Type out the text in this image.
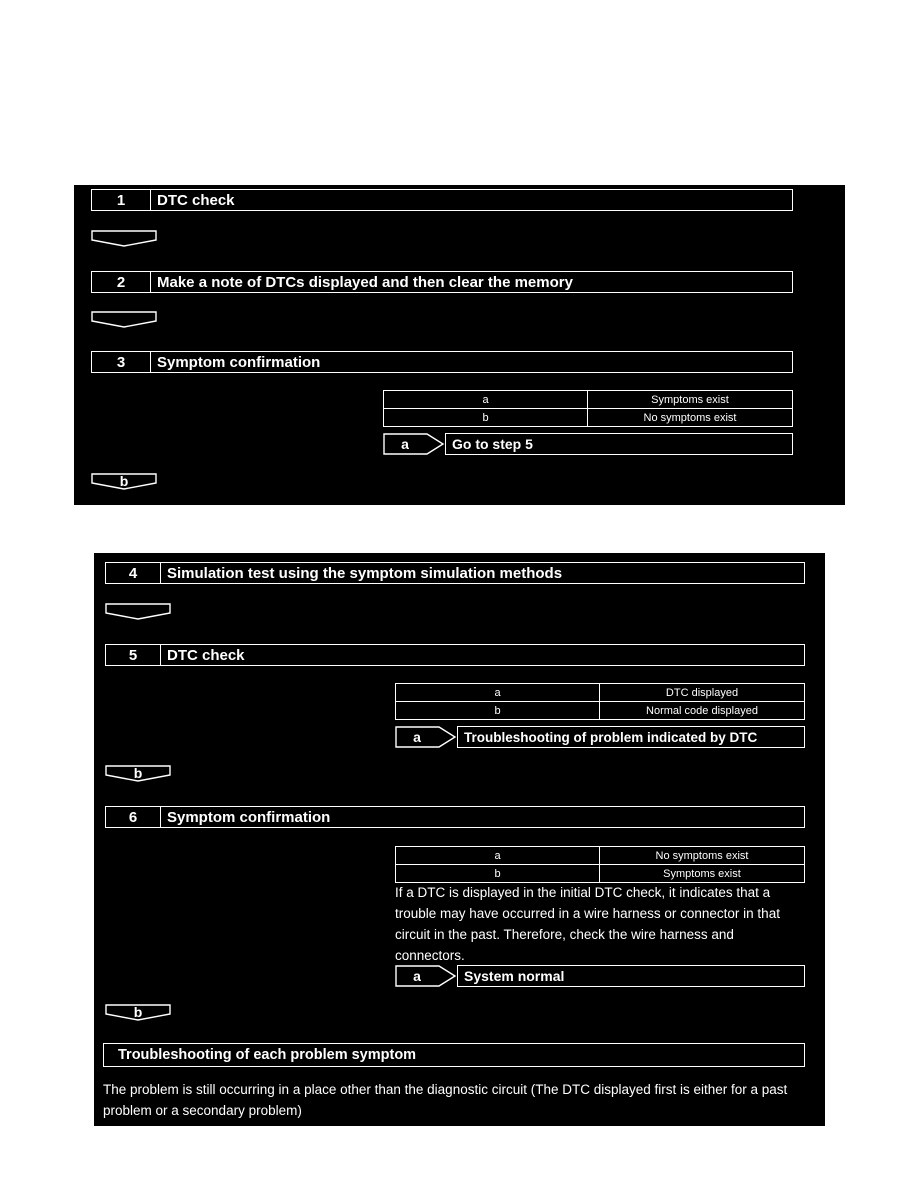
1	DTC check
2	Make a note of DTCs displayed and then clear the memory
3	Symptom confirmation
a	Symptoms exist
b	No symptoms exist
a	Go to step 5
b
4	Simulation test using the symptom simulation methods
5	DTC check
a	DTC displayed
b	Normal code displayed
a	Troubleshooting of problem indicated by DTC
b
6	Symptom confirmation
a	No symptoms exist
b	Symptoms exist
If a DTC is displayed in the initial DTC check, it indicates that a trouble may have occurred in a wire harness or connector in that circuit in the past. Therefore, check the wire harness and connectors.
a	System normal
b
Troubleshooting of each problem symptom
The problem is still occurring in a place other than the diagnostic circuit (The DTC displayed first is either for a past problem or a secondary problem)
